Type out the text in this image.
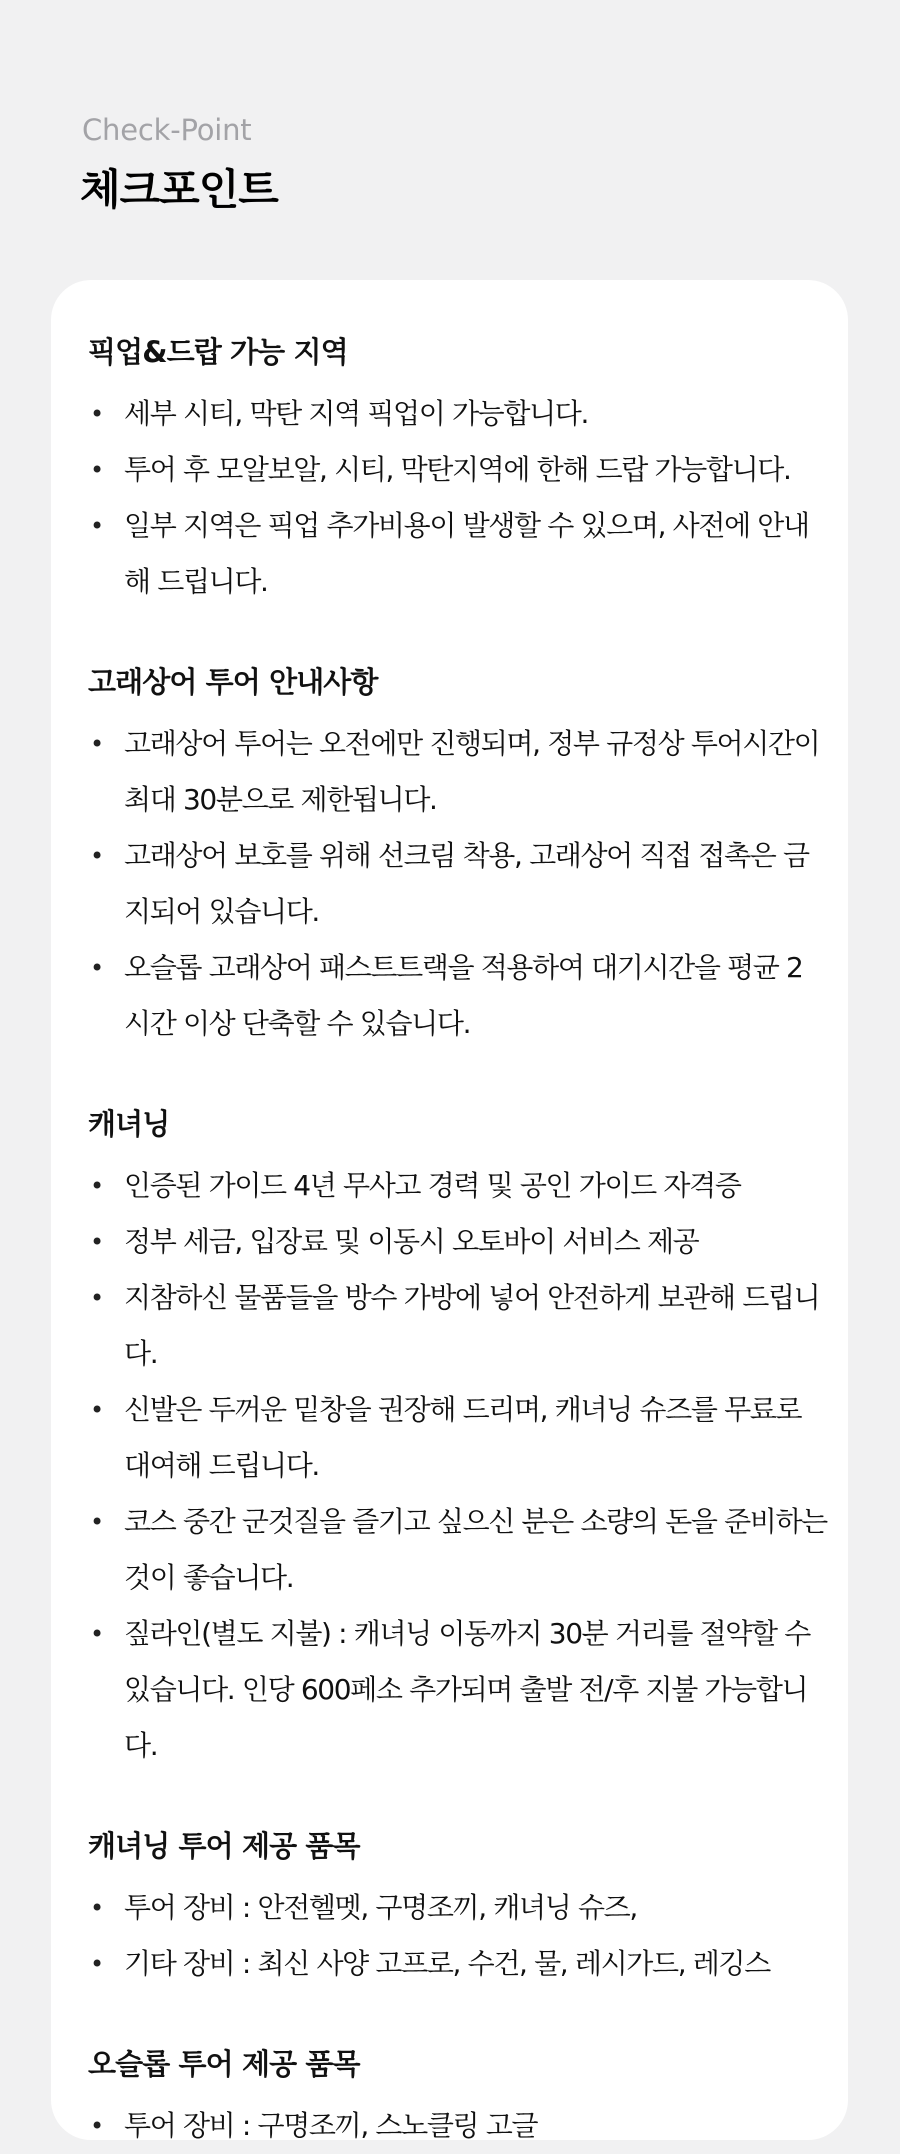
Check-Point
체크포인트
픽업&드랍 가능 지역
• 세부 시티, 막탄 지역 픽업이 가능합니다.
• 투어 후 모알보알, 시티, 막탄지역에 한해 드랍 가능합니다.
• 일부 지역은 픽업 추가비용이 발생할 수 있으며, 사전에 안내해 드립니다.
고래상어 투어 안내사항
• 고래상어 투어는 오전에만 진행되며, 정부 규정상 투어시간이 최대 30분으로 제한됩니다.
• 고래상어 보호를 위해 선크림 착용, 고래상어 직접 접촉은 금지되어 있습니다.
• 오슬롭 고래상어 패스트트랙을 적용하여 대기시간을 평균 2시간 이상 단축할 수 있습니다.
캐녀닝
• 인증된 가이드 4년 무사고 경력 및 공인 가이드 자격증
• 정부 세금, 입장료 및 이동시 오토바이 서비스 제공
• 지참하신 물품들을 방수 가방에 넣어 안전하게 보관해 드립니다.
• 신발은 두꺼운 밑창을 권장해 드리며, 캐녀닝 슈즈를 무료로 대여해 드립니다.
• 코스 중간 군것질을 즐기고 싶으신 분은 소량의 돈을 준비하는 것이 좋습니다.
• 짚라인(별도 지불) : 캐녀닝 이동까지 30분 거리를 절약할 수 있습니다. 인당 600페소 추가되며 출발 전/후 지불 가능합니다.
캐녀닝 투어 제공 품목
• 투어 장비 : 안전헬멧, 구명조끼, 캐녀닝 슈즈,
• 기타 장비 : 최신 사양 고프로, 수건, 물, 레시가드, 레깅스
오슬롭 투어 제공 품목
• 투어 장비 : 구명조끼, 스노클링 고글
